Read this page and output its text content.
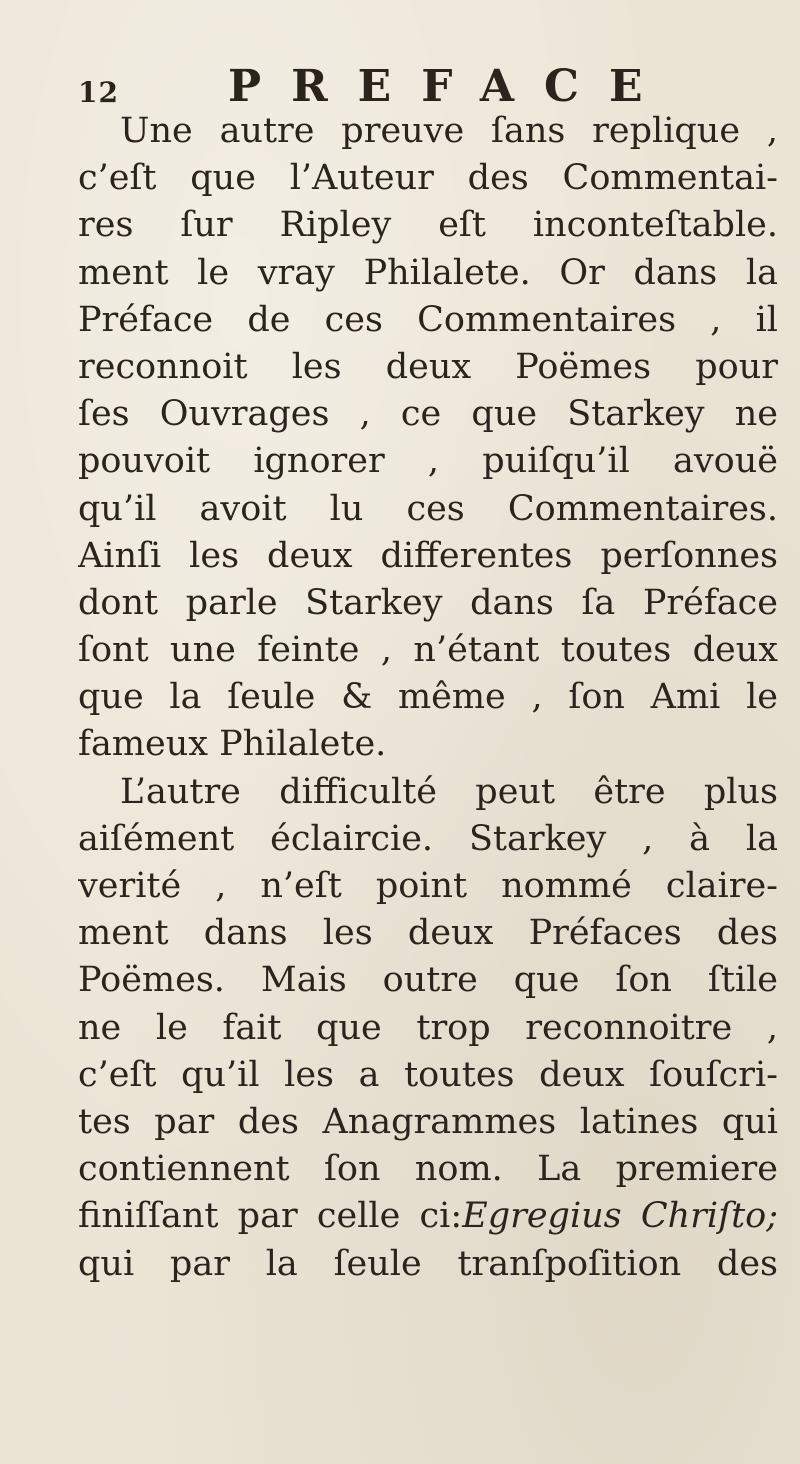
12 PREFACE
Une autre preuve ſans replique ,
c’eſt que l’Auteur des Commentai-
res ſur Ripley eſt inconteſtable.
ment le vray Philalete. Or dans la
Préface de ces Commentaires , il
reconnoit les deux Poëmes pour
ſes Ouvrages , ce que Starkey ne
pouvoit ignorer , puiſqu’il avouë
qu’il avoit lu ces Commentaires.
Ainſi les deux differentes perſonnes
dont parle Starkey dans ſa Préface
ſont une feinte , n’étant toutes deux
que la ſeule & même , ſon Ami le
fameux Philalete.
L’autre difficulté peut être plus
aiſément éclaircie. Starkey , à la
verité , n’eſt point nommé claire-
ment dans les deux Préfaces des
Poëmes. Mais outre que ſon ſtile
ne le fait que trop reconnoitre ,
c’eſt qu’il les a toutes deux ſouſcri-
tes par des Anagrammes latines qui
contiennent ſon nom. La premiere
finiſſant par celle ci:Egregius Chriſto;
qui par la ſeule tranſpoſition des
